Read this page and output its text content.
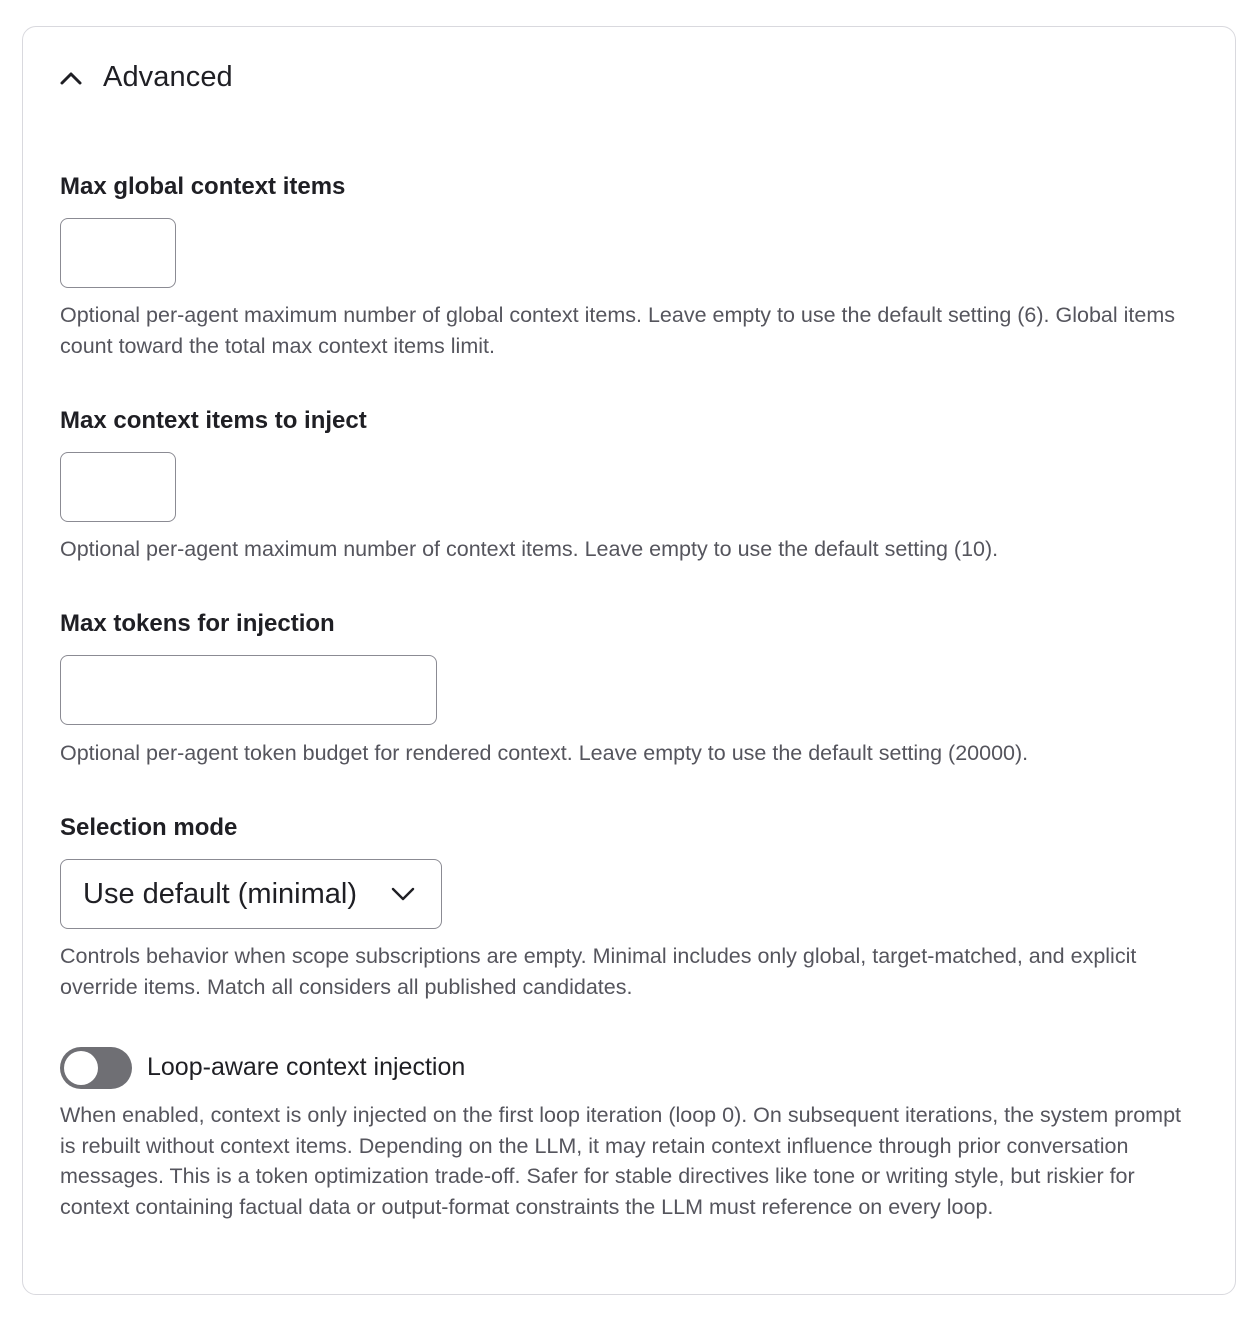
Advanced
Max global context items

Optional per-agent maximum number of global context items. Leave empty to use the default setting (6). Global items count toward the total max context items limit.

Max context items to inject

Optional per-agent maximum number of context items. Leave empty to use the default setting (10).

Max tokens for injection

Optional per-agent token budget for rendered context. Leave empty to use the default setting (20000).

Selection mode
Use default (minimal)

Controls behavior when scope subscriptions are empty. Minimal includes only global, target-matched, and explicit override items. Match all considers all published candidates.

Loop-aware context injection

When enabled, context is only injected on the first loop iteration (loop 0). On subsequent iterations, the system prompt is rebuilt without context items. Depending on the LLM, it may retain context influence through prior conversation messages. This is a token optimization trade-off. Safer for stable directives like tone or writing style, but riskier for context containing factual data or output-format constraints the LLM must reference on every loop.
